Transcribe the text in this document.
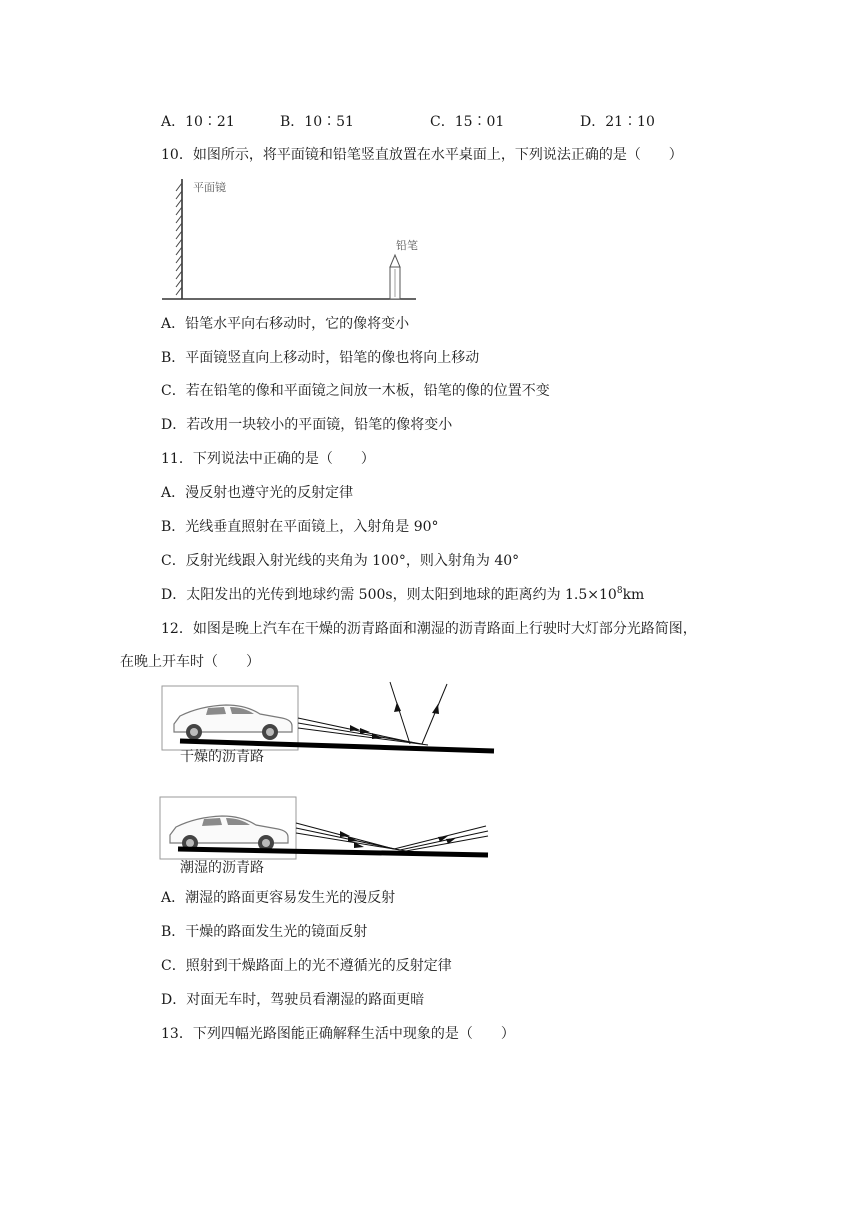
A．10∶21	B．10∶51	C．15∶01	D．21∶10
10．如图所示，将平面镜和铅笔竖直放置在水平桌面上，下列说法正确的是（　　）
平面镜
铅笔
A．铅笔水平向右移动时，它的像将变小
B．平面镜竖直向上移动时，铅笔的像也将向上移动
C．若在铅笔的像和平面镜之间放一木板，铅笔的像的位置不变
D．若改用一块较小的平面镜，铅笔的像将变小
11．下列说法中正确的是（　　）
A．漫反射也遵守光的反射定律
B．光线垂直照射在平面镜上，入射角是 90°
C．反射光线跟入射光线的夹角为 100°，则入射角为 40°
D．太阳发出的光传到地球约需 500s，则太阳到地球的距离约为 $1.5\times 10^8km$
12．如图是晚上汽车在干燥的沥青路面和潮湿的沥青路面上行驶时大灯部分光路简图，
在晚上开车时（　　）
干燥的沥青路
潮湿的沥青路
A．潮湿的路面更容易发生光的漫反射
B．干燥的路面发生光的镜面反射
C．照射到干燥路面上的光不遵循光的反射定律
D．对面无车时，驾驶员看潮湿的路面更暗
13．下列四幅光路图能正确解释生活中现象的是（　　）
